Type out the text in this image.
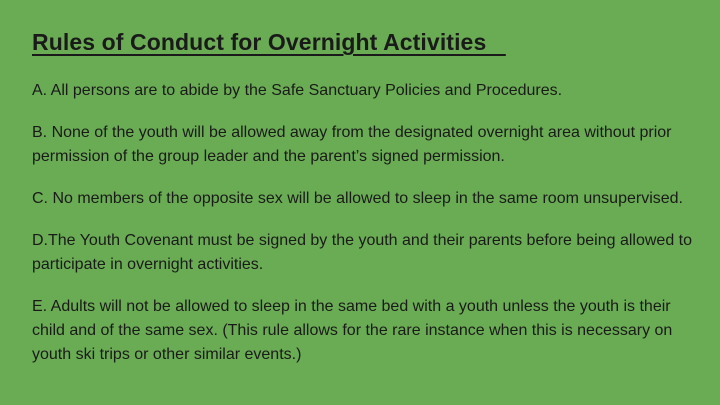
Rules of Conduct for Overnight Activities
A. All persons are to abide by the Safe Sanctuary Policies and Procedures.
B. None of the youth will be allowed away from the designated overnight area without prior permission of the group leader and the parent’s signed permission.
C. No members of the opposite sex will be allowed to sleep in the same room unsupervised.
D.The Youth Covenant must be signed by the youth and their parents before being allowed to participate in overnight activities.
E. Adults will not be allowed to sleep in the same bed with a youth unless the youth is their child and of the same sex. (This rule allows for the rare instance when this is necessary on youth ski trips or other similar events.)
